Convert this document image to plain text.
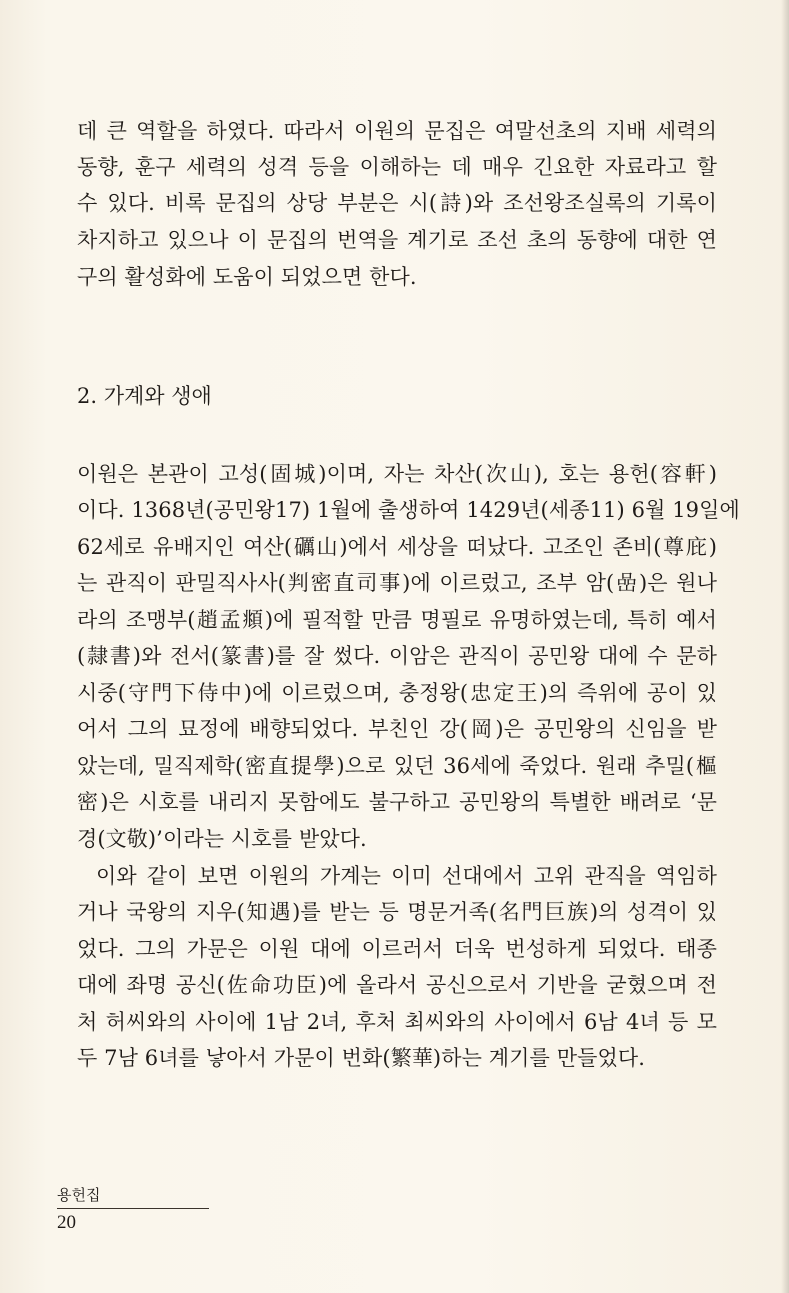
데 큰 역할을 하였다. 따라서 이원의 문집은 여말선초의 지배 세력의
동향, 훈구 세력의 성격 등을 이해하는 데 매우 긴요한 자료라고 할
수 있다. 비록 문집의 상당 부분은 시(詩)와 조선왕조실록의 기록이
차지하고 있으나 이 문집의 번역을 계기로 조선 초의 동향에 대한 연
구의 활성화에 도움이 되었으면 한다.
2. 가계와 생애
이원은 본관이 고성(固城)이며, 자는 차산(次山), 호는 용헌(容軒)
이다. 1368년(공민왕17) 1월에 출생하여 1429년(세종11) 6월 19일에
62세로 유배지인 여산(礪山)에서 세상을 떠났다. 고조인 존비(尊庇)
는 관직이 판밀직사사(判密直司事)에 이르렀고, 조부 암(嵒)은 원나
라의 조맹부(趙孟頫)에 필적할 만큼 명필로 유명하였는데, 특히 예서
(隷書)와 전서(篆書)를 잘 썼다. 이암은 관직이 공민왕 대에 수 문하
시중(守門下侍中)에 이르렀으며, 충정왕(忠定王)의 즉위에 공이 있
어서 그의 묘정에 배향되었다. 부친인 강(岡)은 공민왕의 신임을 받
았는데, 밀직제학(密直提學)으로 있던 36세에 죽었다. 원래 추밀(樞
密)은 시호를 내리지 못함에도 불구하고 공민왕의 특별한 배려로 ‘문
경(文敬)’이라는 시호를 받았다.
이와 같이 보면 이원의 가계는 이미 선대에서 고위 관직을 역임하
거나 국왕의 지우(知遇)를 받는 등 명문거족(名門巨族)의 성격이 있
었다. 그의 가문은 이원 대에 이르러서 더욱 번성하게 되었다. 태종
대에 좌명 공신(佐命功臣)에 올라서 공신으로서 기반을 굳혔으며 전
처 허씨와의 사이에 1남 2녀, 후처 최씨와의 사이에서 6남 4녀 등 모
두 7남 6녀를 낳아서 가문이 번화(繁華)하는 계기를 만들었다.
용헌집
20
